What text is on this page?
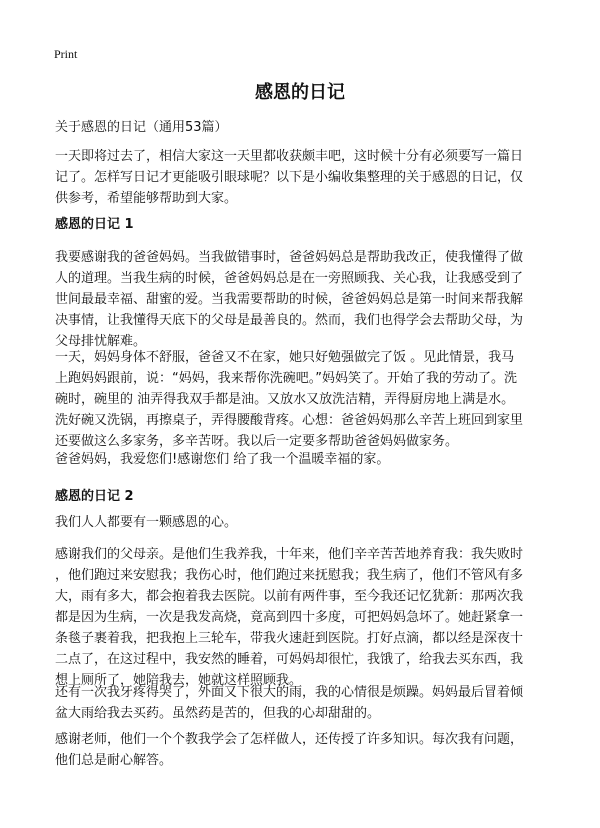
Print
感恩的日记
关于感恩的日记（通用53篇）
一天即将过去了，相信大家这一天里都收获颇丰吧，这时候十分有必须要写一篇日
记了。怎样写日记才更能吸引眼球呢？以下是小编收集整理的关于感恩的日记，仅
供参考，希望能够帮助到大家。
感恩的日记 1
我要感谢我的爸爸妈妈。当我做错事时，爸爸妈妈总是帮助我改正，使我懂得了做
人的道理。当我生病的时候，爸爸妈妈总是在一旁照顾我、关心我，让我感受到了
世间最最幸福、甜蜜的爱。当我需要帮助的时候，爸爸妈妈总是第一时间来帮我解
决事情，让我懂得天底下的父母是最善良的。然而，我们也得学会去帮助父母，为
父母排忧解难。
一天，妈妈身体不舒服，爸爸又不在家，她只好勉强做完了饭 。见此情景，我马
上跑妈妈跟前，说：“妈妈，我来帮你洗碗吧。”妈妈笑了。开始了我的劳动了。洗
碗时，碗里的 油弄得我双手都是油。又放水又放洗洁精，弄得厨房地上满是水。
洗好碗又洗锅，再擦桌子，弄得腰酸背疼。心想：爸爸妈妈那么辛苦上班回到家里
还要做这么多家务，多辛苦呀。我以后一定要多帮助爸爸妈妈做家务。
爸爸妈妈，我爱您们!感谢您们 给了我一个温暖幸福的家。
感恩的日记 2
我们人人都要有一颗感恩的心。
感谢我们的父母亲。是他们生我养我，十年来，他们辛辛苦苦地养育我：我失败时
，他们跑过来安慰我；我伤心时，他们跑过来抚慰我；我生病了，他们不管风有多
大，雨有多大，都会抱着我去医院。以前有两件事，至今我还记忆犹新：那两次我
都是因为生病，一次是我发高烧，竟高到四十多度，可把妈妈急坏了。她赶紧拿一
条毯子裹着我，把我抱上三轮车，带我火速赶到医院。打好点滴，都以经是深夜十
二点了，在这过程中，我安然的睡着，可妈妈却很忙，我饿了，给我去买东西，我
想上厕所了，她陪我去，她就这样照顾我。
还有一次我牙疼得哭了，外面又下很大的雨，我的心情很是烦躁。妈妈最后冒着倾
盆大雨给我去买药。虽然药是苦的，但我的心却甜甜的。
感谢老师，他们一个个教我学会了怎样做人，还传授了许多知识。每次我有问题，
他们总是耐心解答。
